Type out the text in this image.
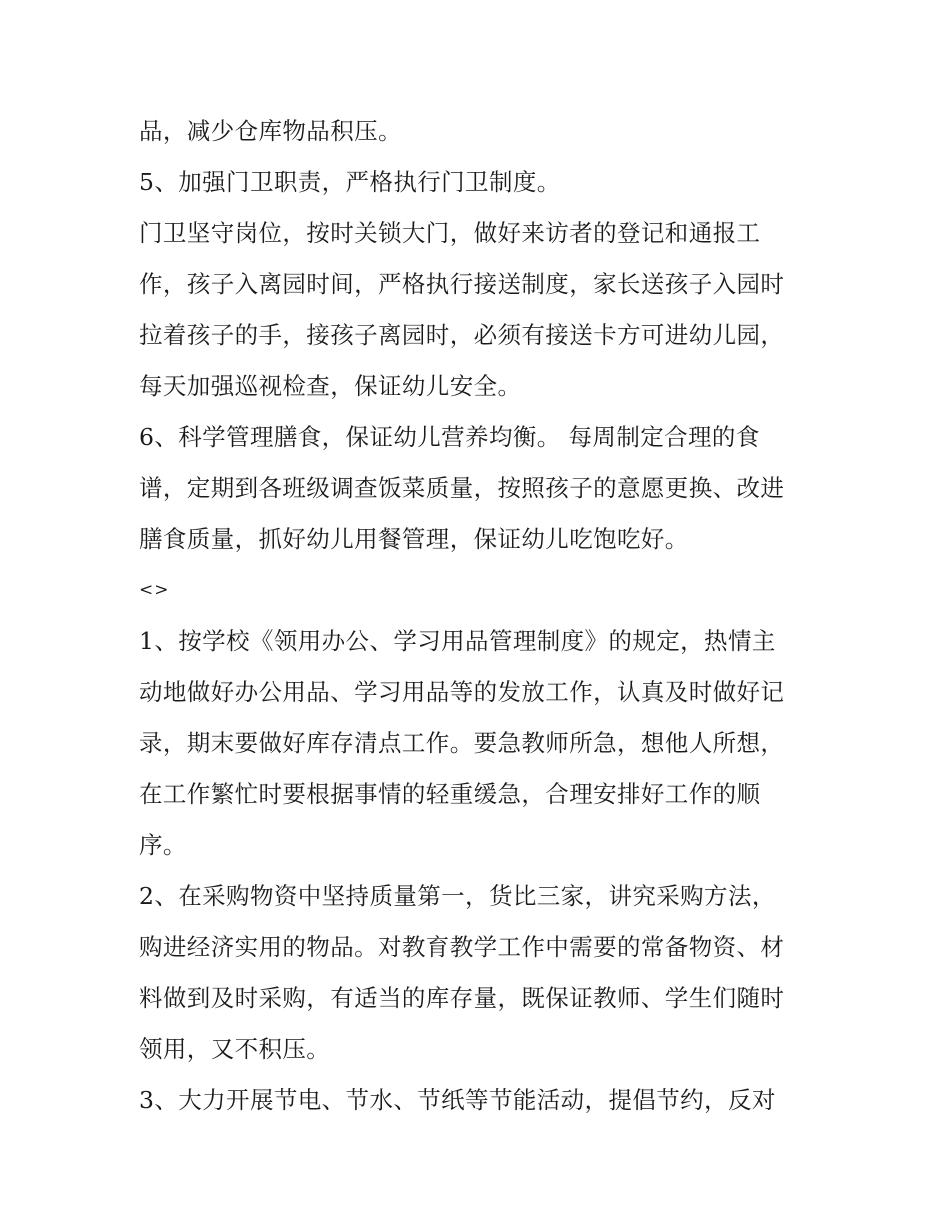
品，减少仓库物品积压。
5、加强门卫职责，严格执行门卫制度。
门卫坚守岗位，按时关锁大门，做好来访者的登记和通报工
作，孩子入离园时间，严格执行接送制度，家长送孩子入园时
拉着孩子的手，接孩子离园时，必须有接送卡方可进幼儿园，
每天加强巡视检查，保证幼儿安全。
6、科学管理膳食，保证幼儿营养均衡。 每周制定合理的食
谱，定期到各班级调查饭菜质量，按照孩子的意愿更换、改进
膳食质量，抓好幼儿用餐管理，保证幼儿吃饱吃好。
<>
1、按学校《领用办公、学习用品管理制度》的规定，热情主
动地做好办公用品、学习用品等的发放工作，认真及时做好记
录，期末要做好库存清点工作。要急教师所急，想他人所想，
在工作繁忙时要根据事情的轻重缓急，合理安排好工作的顺
序。
2、在采购物资中坚持质量第一，货比三家，讲究采购方法，
购进经济实用的物品。对教育教学工作中需要的常备物资、材
料做到及时采购，有适当的库存量，既保证教师、学生们随时
领用，又不积压。
3、大力开展节电、节水、节纸等节能活动，提倡节约，反对
